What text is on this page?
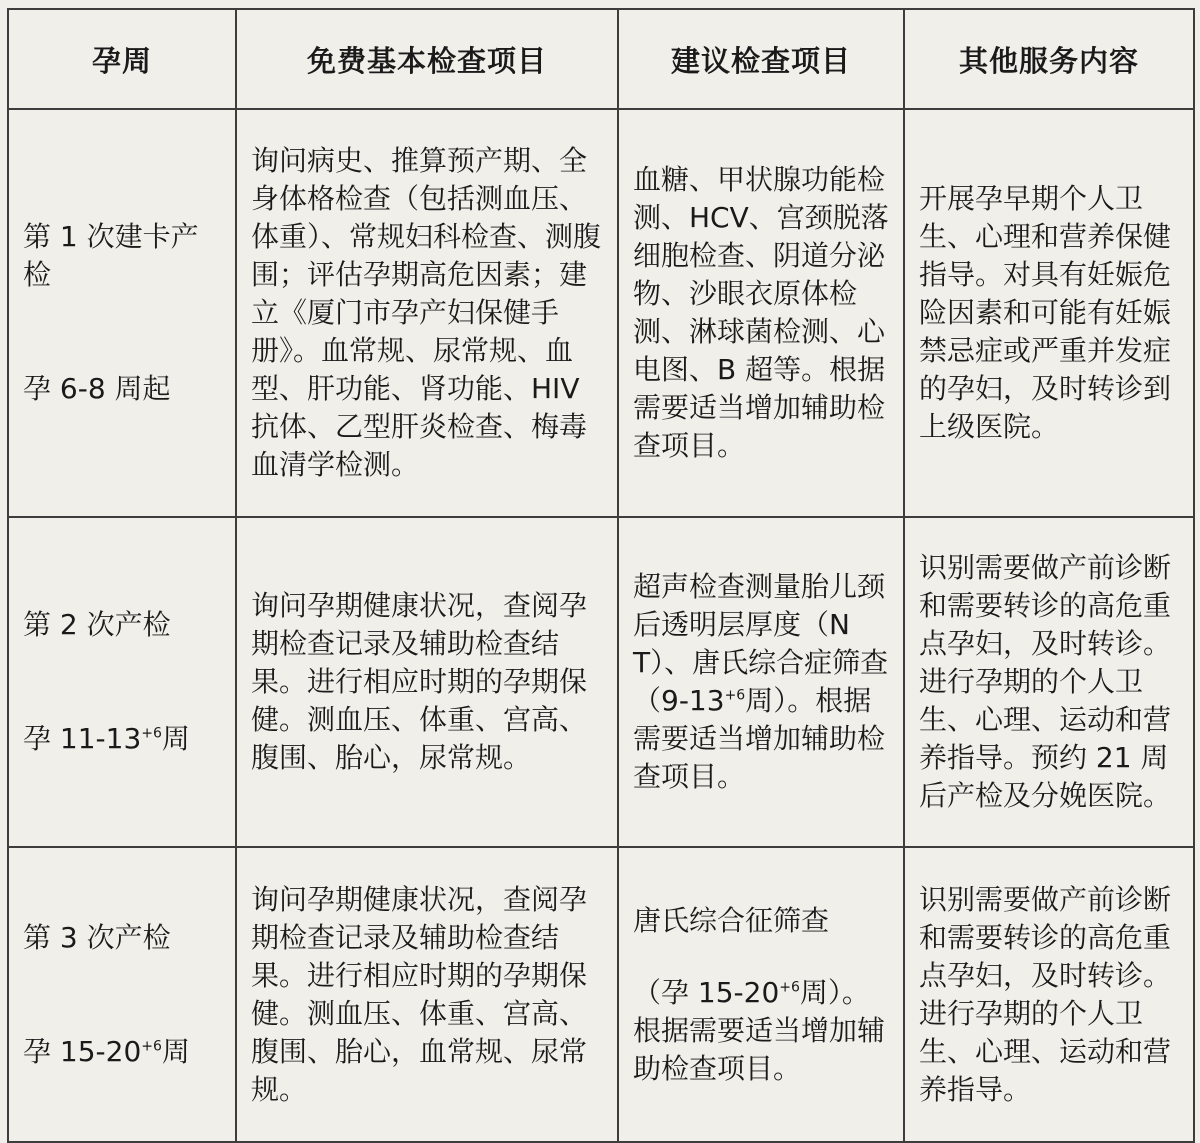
孕周	免费基本检查项目	建议检查项目	其他服务内容

第 1 次建卡产检
孕 6-8 周起	询问病史、推算预产期、全身体格检查（包括测血压、体重）、常规妇科检查、测腹围；评估孕期高危因素；建立《厦门市孕产妇保健手册》。血常规、尿常规、血型、肝功能、肾功能、HIV 抗体、乙型肝炎检查、梅毒血清学检测。	血糖、甲状腺功能检测、HCV、宫颈脱落细胞检查、阴道分泌物、沙眼衣原体检测、淋球菌检测、心电图、B 超等。根据需要适当增加辅助检查项目。	开展孕早期个人卫生、心理和营养保健指导。对具有妊娠危险因素和可能有妊娠禁忌症或严重并发症的孕妇，及时转诊到上级医院。

第 2 次产检
孕 $11-13^{+6}$周	询问孕期健康状况，查阅孕期检查记录及辅助检查结果。进行相应时期的孕期保健。测血压、体重、宫高、腹围、胎心，尿常规。	超声检查测量胎儿颈后透明层厚度（NT）、唐氏综合症筛查（$9-13^{+6}$周）。根据需要适当增加辅助检查项目。	识别需要做产前诊断和需要转诊的高危重点孕妇，及时转诊。进行孕期的个人卫生、心理、运动和营养指导。预约 21 周后产检及分娩医院。

第 3 次产检
孕 $15-20^{+6}$周	询问孕期健康状况，查阅孕期检查记录及辅助检查结果。进行相应时期的孕期保健。测血压、体重、宫高、腹围、胎心，血常规、尿常规。	唐氏综合征筛查
（孕 $15-20^{+6}$周）。根据需要适当增加辅助检查项目。	识别需要做产前诊断和需要转诊的高危重点孕妇，及时转诊。进行孕期的个人卫生、心理、运动和营养指导。
